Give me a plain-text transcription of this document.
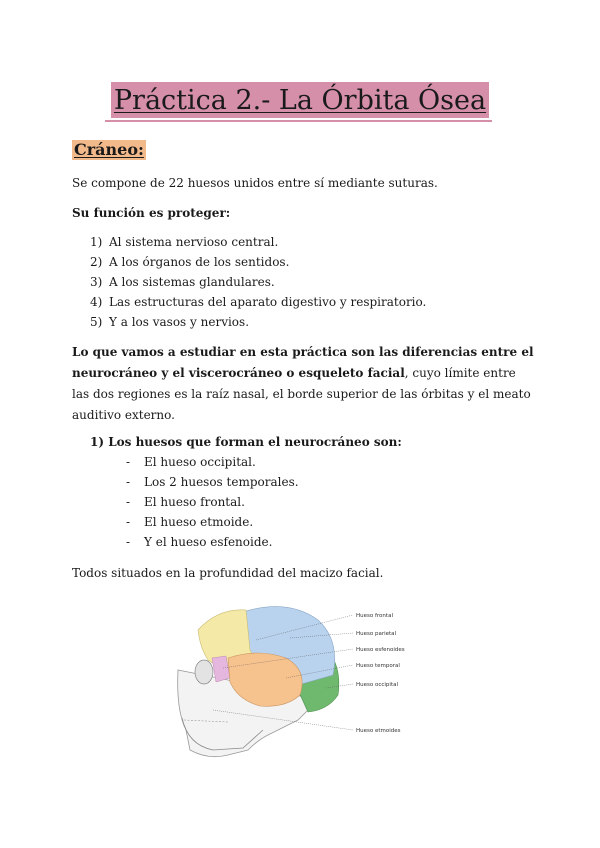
Práctica 2.- La Órbita Ósea
Cráneo:
Se compone de 22 huesos unidos entre sí mediante suturas.
Su función es proteger:
1) Al sistema nervioso central.
2) A los órganos de los sentidos.
3) A los sistemas glandulares.
4) Las estructuras del aparato digestivo y respiratorio.
5) Y a los vasos y nervios.
Lo que vamos a estudiar en esta práctica son las diferencias entre el neurocráneo y el viscerocráneo o esqueleto facial, cuyo límite entre las dos regiones es la raíz nasal, el borde superior de las órbitas y el meato auditivo externo.
1) Los huesos que forman el neurocráneo son:
- El hueso occipital.
- Los 2 huesos temporales.
- El hueso frontal.
- El hueso etmoide.
- Y el hueso esfenoide.
Todos situados en la profundidad del macizo facial.
Hueso frontal
Hueso parietal
Hueso esfenoides
Hueso temporal
Hueso occipital
Hueso etmoides
